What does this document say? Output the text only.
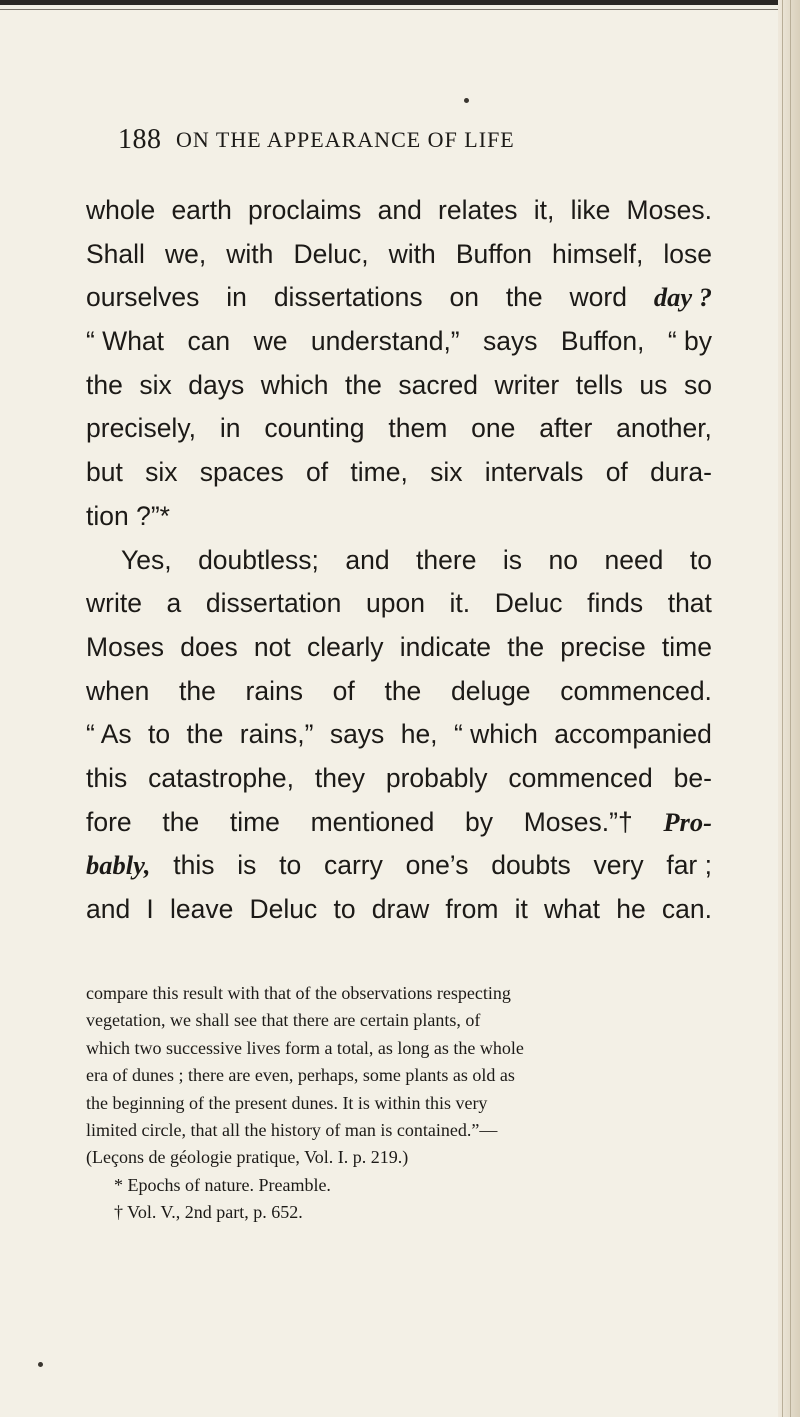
188 ON THE APPEARANCE OF LIFE
whole earth proclaims and relates it, like Moses.
Shall we, with Deluc, with Buffon himself, lose
ourselves in dissertations on the word day ?
“ What can we understand,” says Buffon, “ by
the six days which the sacred writer tells us so
precisely, in counting them one after another,
but six spaces of time, six intervals of dura-
tion ?”*
Yes, doubtless; and there is no need to
write a dissertation upon it. Deluc finds that
Moses does not clearly indicate the precise time
when the rains of the deluge commenced.
“ As to the rains,” says he, “ which accompanied
this catastrophe, they probably commenced be-
fore the time mentioned by Moses.”† Pro-
bably, this is to carry one’s doubts very far ;
and I leave Deluc to draw from it what he can.
compare this result with that of the observations respecting
vegetation, we shall see that there are certain plants, of
which two successive lives form a total, as long as the whole
era of dunes ; there are even, perhaps, some plants as old as
the beginning of the present dunes. It is within this very
limited circle, that all the history of man is contained.”—
(Leçons de géologie pratique, Vol. I. p. 219.)
* Epochs of nature. Preamble.
† Vol. V., 2nd part, p. 652.
